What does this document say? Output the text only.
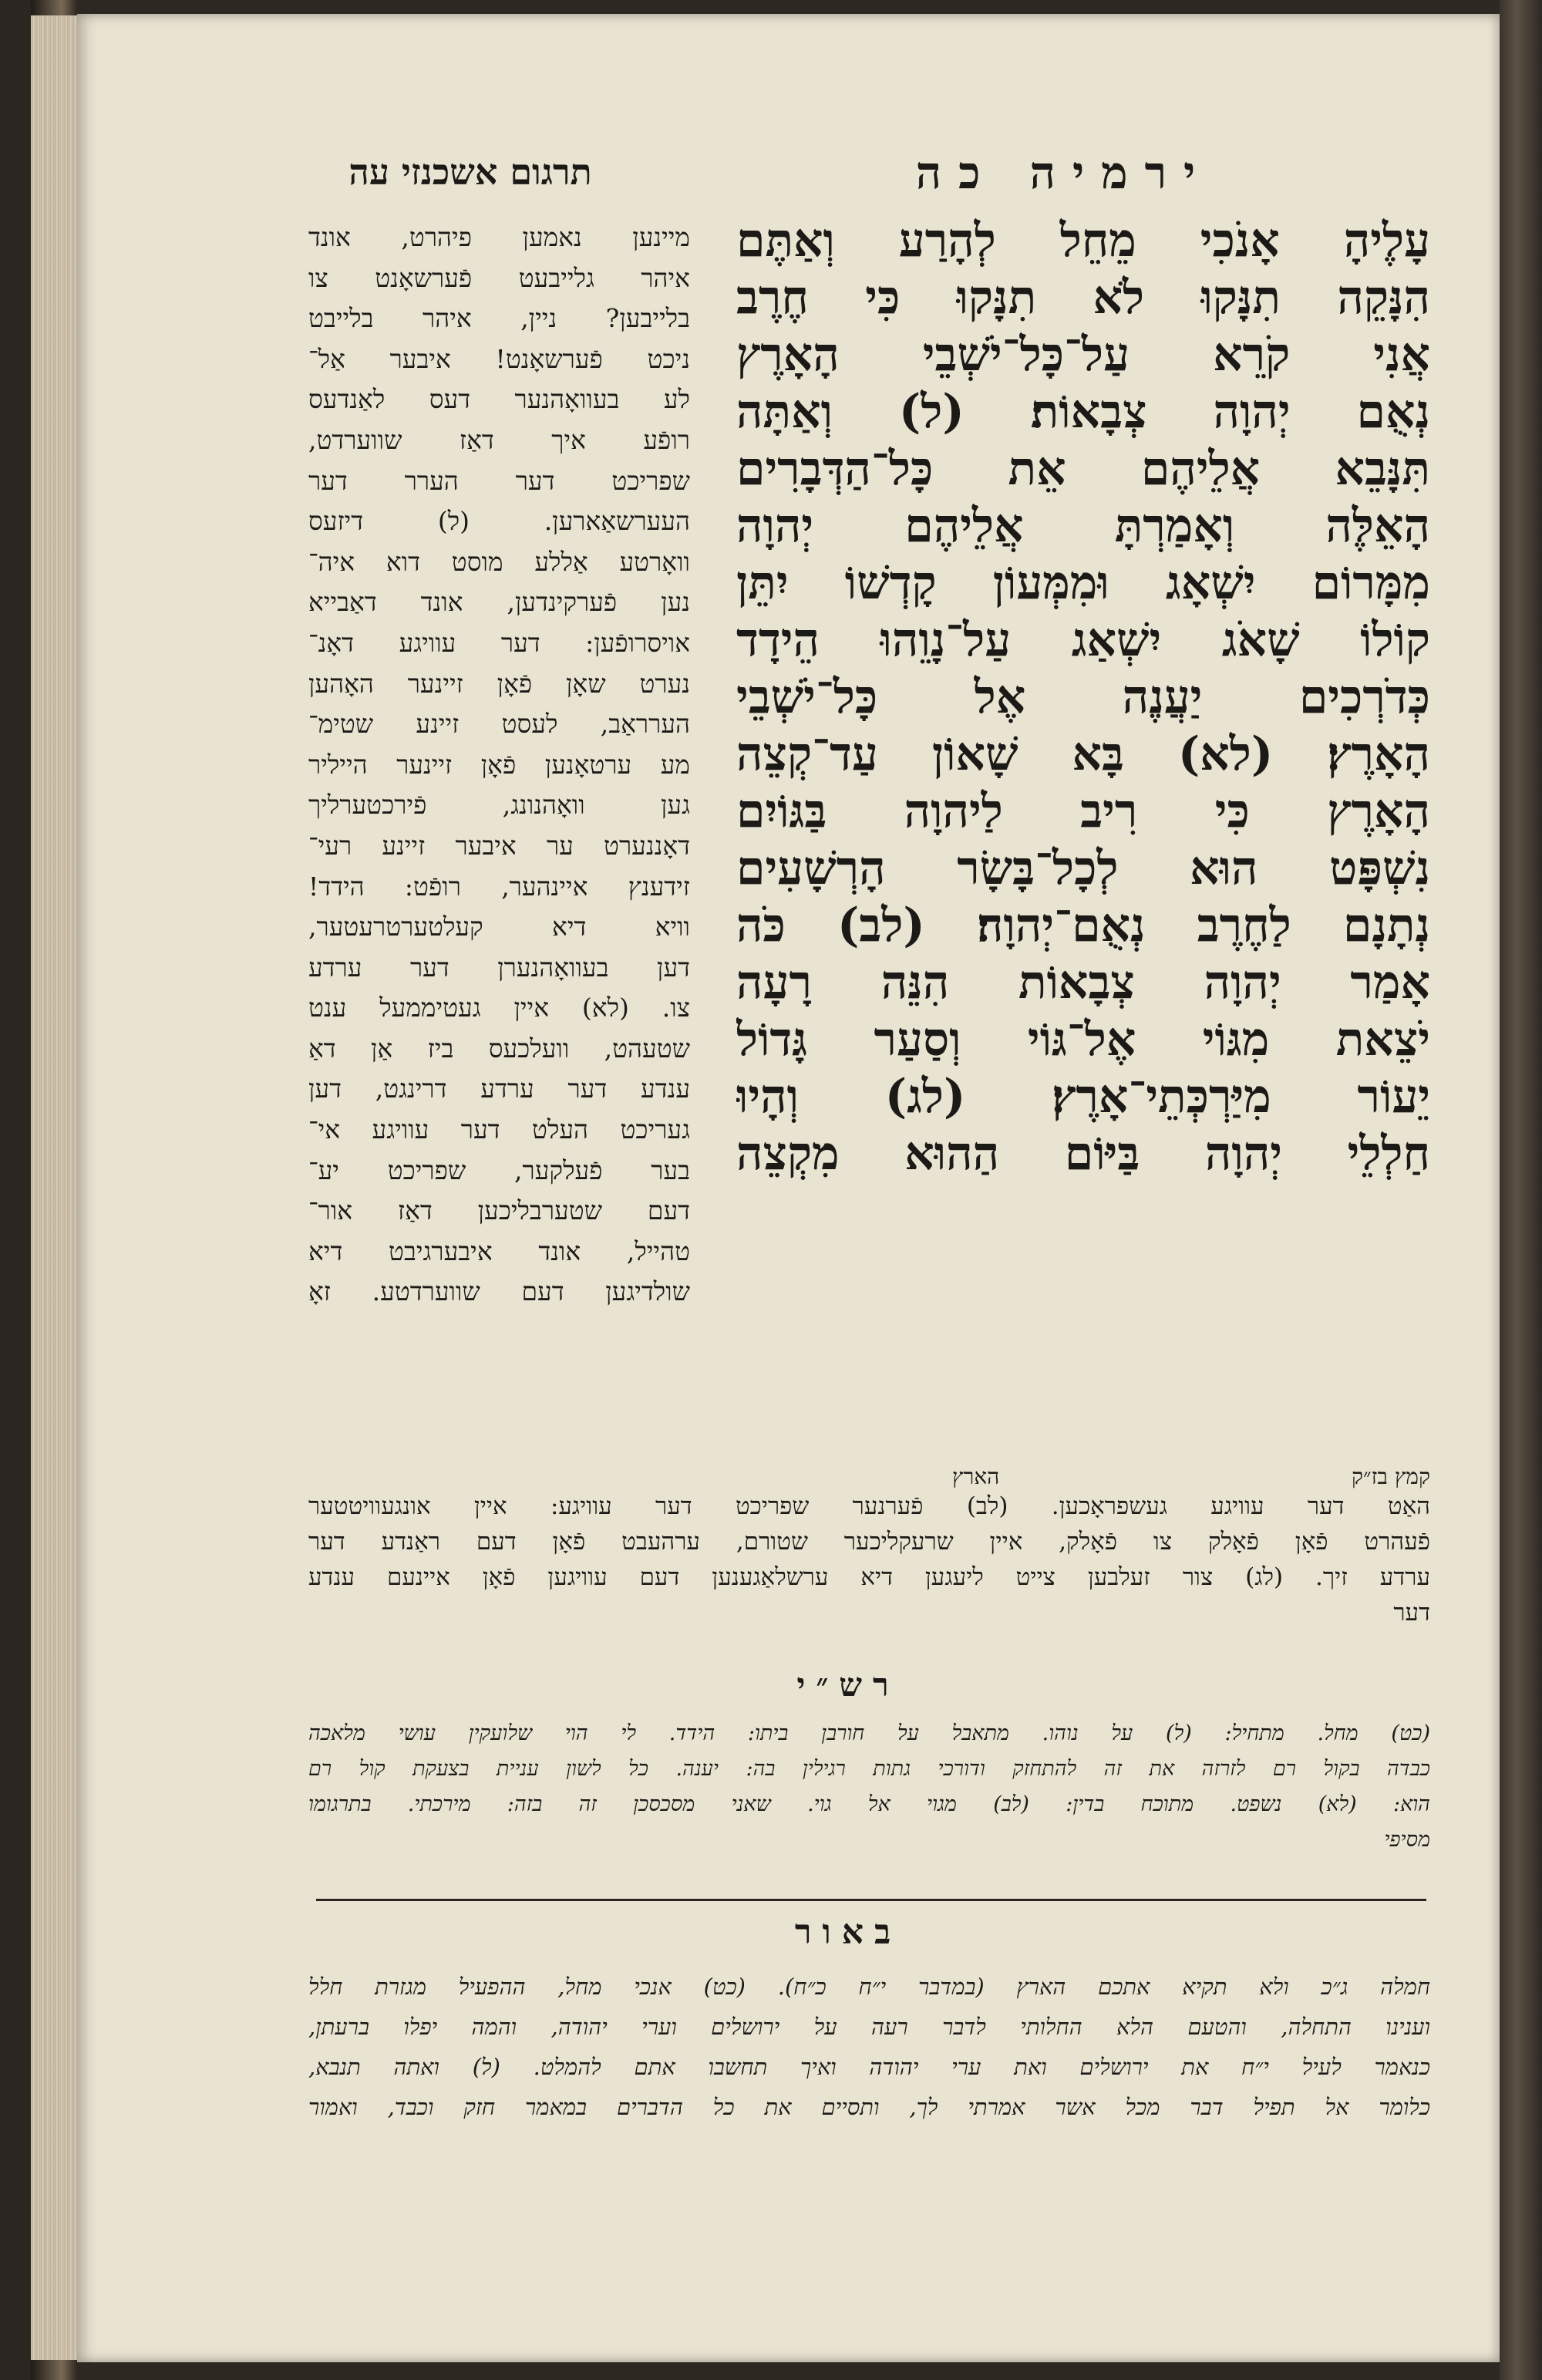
תרגום אשכנזי עה	ירמיה כה
עָלֶיהָ אָנֹכִי מֵחֵל לְהָרַע וְאַתֶּם
הִנָּקֵה תִנָּקוּ לֹא תִנָּקוּ כִּי חֶרֶב
אֲנִי קֹרֵא עַל־כָּל־יֹשְׁבֵי הָאָרֶץ
נְאֻם יְהוָה צְבָאוֹת׃ (ל) וְאַתָּה
תִּנָּבֵא אֲלֵיהֶם אֵת כָּל־הַדְּבָרִים
הָאֵלֶּה וְאָמַרְתָּ אֲלֵיהֶם יְהוָה
מִמָּרוֹם יִשְׁאָג וּמִמְּעוֹן קָדְשׁוֹ יִתֵּן
קוֹלוֹ שָׁאֹג יִשְׁאַג עַל־נָוֵהוּ הֵידָד
כְּדֹרְכִים יַעֲנֶה אֶל כָּל־יֹשְׁבֵי
הָאָרֶץ׃ (לא) בָּא שָׁאוֹן עַד־קְצֵה
הָאָרֶץ כִּי רִיב לַיהוָה בַּגּוֹיִם
נִשְׁפָּט הוּא לְכָל־בָּשָׂר הָרְשָׁעִים
נְתָנָם לַחֶרֶב נְאֻם־יְהוָה׃ (לב) כֹּה
אָמַר יְהוָה צְבָאוֹת הִנֵּה רָעָה
יֹצֵאת מִגּוֹי אֶל־גּוֹי וְסַעַר גָּדוֹל
יֵעוֹר מִיַּרְכְּתֵי־אָרֶץ׃ (לג) וְהָיוּ
חַלְלֵי יְהוָה בַּיּוֹם הַהוּא מִקְצֵה
קמץ בז״ק
הארץ
מיינען נאמען פיהרט, אונד
איהר גלייבעט פֿערשאָנט צו
בלייבען? ניין, איהר בלייבט
ניכט פֿערשאָנט! איבער אַל־
לע בעוואָהנער דעס לאַנדעס
רופֿע איך דאַז שווערדט,
שפריכט דער הערר דער
העערשאַארען. (ל) דיזעס
וואָרטע אַללע מוסט דוא איה־
נען פֿערקינדען, אונד דאַבייא
אויסרופֿען: דער עוויגע דאָנ־
נערט שאָן פֿאָן זיינער האָהען
הערראַב, לעסט זיינע שטימ־
מע ערטאָנען פֿאָן זיינער הייליר
גען וואָהנונג, פֿירכטערליך
דאָננערט ער איבער זיינע רעי־
זידענץ איינהער, רופֿט: הידד!
וויא דיא קעלטערטרעטער,
דען בעוואָהנערן דער ערדע
צו. (לא) איין געטיממעל ענט
שטעהט, וועלכעס ביז אַן דאַ
ענדע דער ערדע דרינגט, דען
געריכט העלט דער עוויגע אי־
בער פֿעלקער, שפריכט יע־
דעם שטערבליכען דאַז אור־
טהייל, אונד איבערגיבט דיא
שולדיגען דעם שווערדטע. זאָ
האַט דער עוויגע געשפראָכען. (לב) פֿערנער שפריכט דער עוויגע: איין אונגעוויטטער
פֿעהרט פֿאָן פֿאָלק צו פֿאָלק, איין שרעקליכער שטורם, ערהעבט פֿאָן דעם ראַנדע דער
ערדע זיך. (לג) צור זעלבען צייט ליעגען דיא ערשלאַגענען דעם עוויגען פֿאָן איינעם ענדע
דער
רש״י
(כט) מחל. מתחיל: (ל) על נוהו. מתאבל על חורבן ביתו: הידד. לי הוי שלועקין עושי מלאכה
כבדה בקול רם לזרזה את זה להתחזק ודורכי גתות רגילין בה: יענה. כל לשון עניית בצעקת קול רם
הוא: (לא) נשפט. מתוכח בדין: (לב) מגוי אל גוי. שאני מסכסכן זה בזה: מירכתי. בתרגומו
מסיפי
באור
חמלה ג״כ ולא תקיא אתכם הארץ (במדבר י״ח כ״ח). (כט) אנכי מחל, ההפעיל מגזרת חלל
וענינו התחלה, והטעם הלא החלותי לדבר רעה על ירושלים וערי יהודה, והמה יפלו ברעתן,
כנאמר לעיל י״ח את ירושלים ואת ערי יהודה ואיך תחשבו אתם להמלט. (ל) ואתה תנבא,
כלומר אל תפיל דבר מכל אשר אמרתי לך, ותסיים את כל הדברים במאמר חזק וכבד, ואמור
